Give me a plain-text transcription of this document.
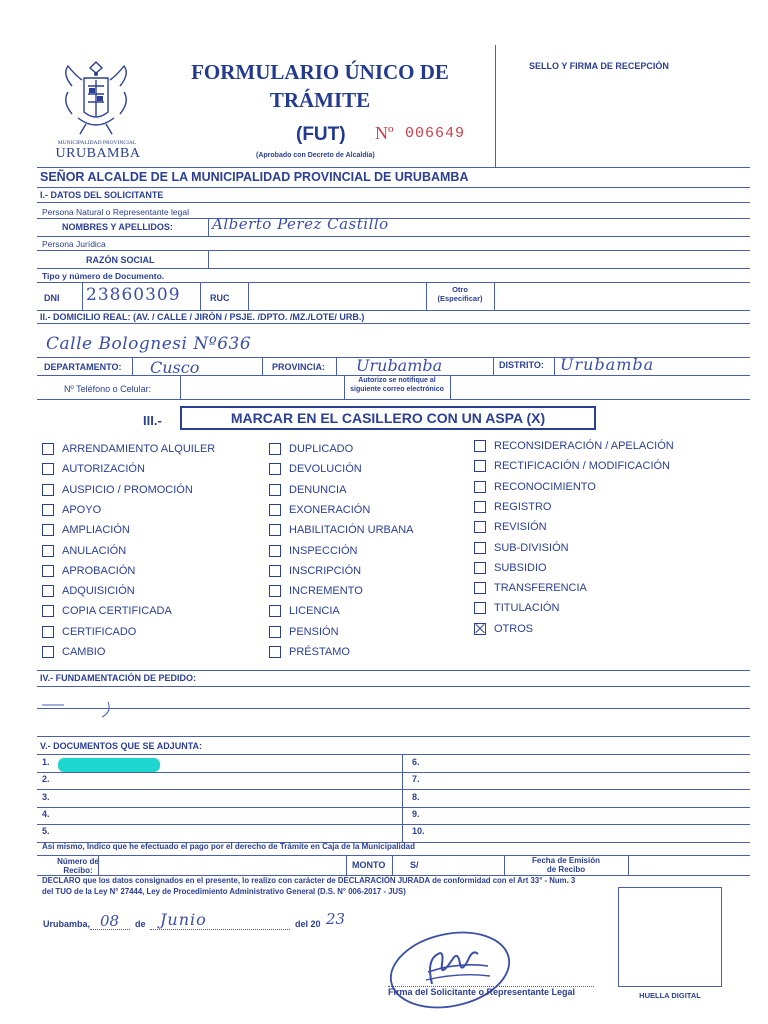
MUNICIPALIDAD PROVINCIAL
URUBAMBA
FORMULARIO ÚNICO DE
TRÁMITE
(FUT) Nº 006649
(Aprobado con Decreto de Alcaldía)
SELLO Y FIRMA DE RECEPCIÓN
SEÑOR ALCALDE DE LA MUNICIPALIDAD PROVINCIAL DE URUBAMBA
I.- DATOS DEL SOLICITANTE
Persona Natural o Representante legal
NOMBRES Y APELLIDOS:	Alberto Perez Castillo
Persona Jurídica
RAZÓN SOCIAL
Tipo y número de Documento.
DNI 23860309	RUC
Otro
(Especificar)
II.- DOMICILIO REAL: (AV. / CALLE / JIRÓN / PSJE. /DPTO. /MZ./LOTE/ URB.)
Calle Bolognesi Nº636
DEPARTAMENTO: Cusco	PROVINCIA: Urubamba	DISTRITO: Urubamba
Nº Teléfono o Celular:
Autorizo se notifique al
siguiente correo electrónico
III.-	MARCAR EN EL CASILLERO CON UN ASPA (X)
ARRENDAMIENTO ALQUILER
AUTORIZACIÓN
AUSPICIO / PROMOCIÓN
APOYO
AMPLIACIÓN
ANULACIÓN
APROBACIÓN
ADQUISICIÓN
COPIA CERTIFICADA
CERTIFICADO
CAMBIO
DUPLICADO
DEVOLUCIÓN
DENUNCIA
EXONERACIÓN
HABILITACIÓN URBANA
INSPECCIÓN
INSCRIPCIÓN
INCREMENTO
LICENCIA
PENSIÓN
PRÉSTAMO
RECONSIDERACIÓN / APELACIÓN
RECTIFICACIÓN / MODIFICACIÓN
RECONOCIMIENTO
REGISTRO
REVISIÓN
SUB-DIVISIÓN
SUBSIDIO
TRANSFERENCIA
TITULACIÓN
OTROS
IV.- FUNDAMENTACIÓN DE PEDIDO:
V.- DOCUMENTOS QUE SE ADJUNTA:
1.
2.
3.
4.
5.
6.
7.
8.
9.
10.
Asi mismo, Indico que he efectuado el pago por el derecho de Trámite en Caja de la Municipalidad
Número de
Recibo:
MONTO	S/	Fecha de Emisión
de Recibo
DECLARO que los datos consignados en el presente, lo realizo con carácter de DECLARACIÓN JURADA de conformidad con el Art 33° - Num. 3
del TUO de la Ley N° 27444, Ley de Procedimiento Administrativo General (D.S. N° 006-2017 - JUS)
Urubamba, 08 de Junio	del 20 23
Firma del Solicitante o Representante Legal	HUELLA DIGITAL
